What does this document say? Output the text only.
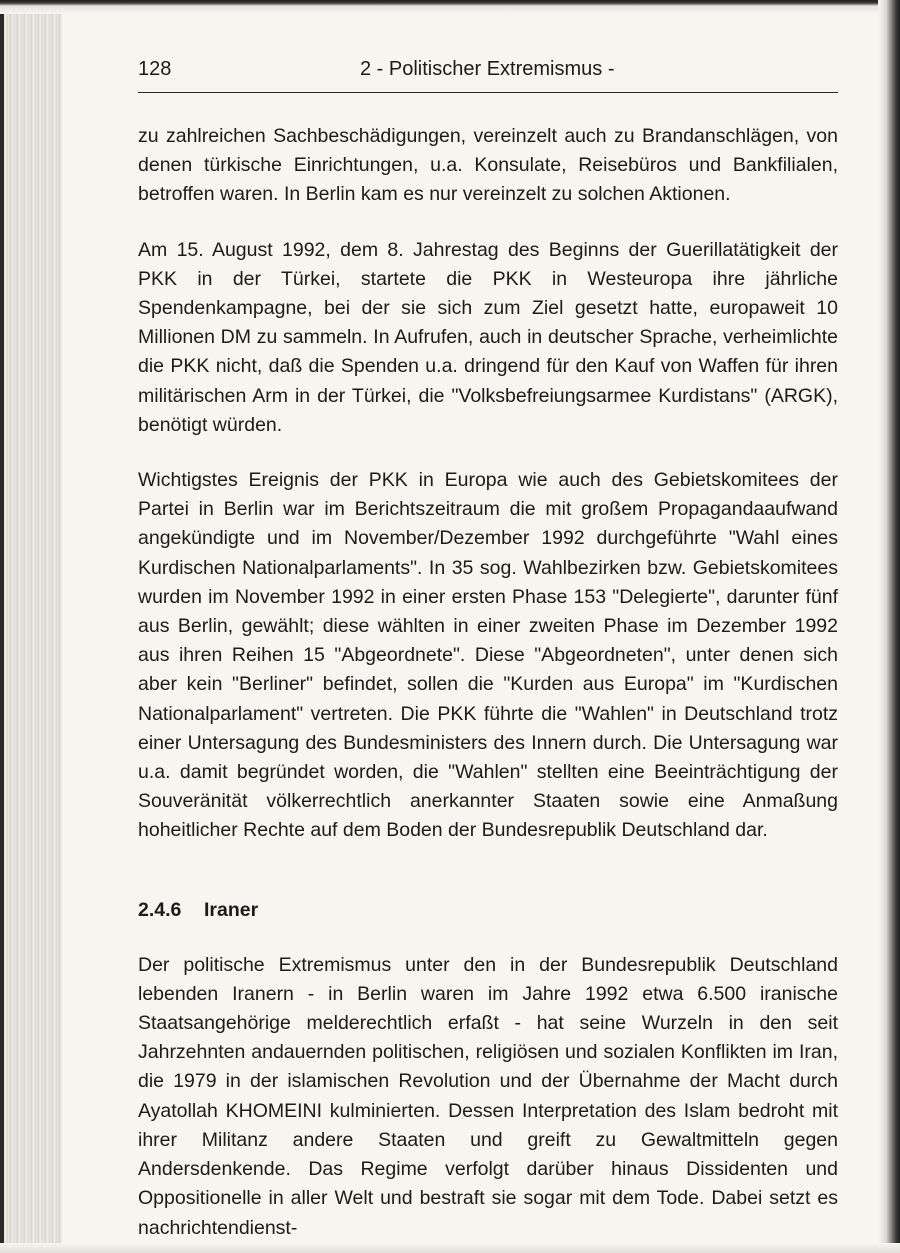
128	2 - Politischer Extremismus -

zu zahlreichen Sachbeschädigungen, vereinzelt auch zu Brandanschlägen, von denen türkische Einrichtungen, u.a. Konsulate, Reisebüros und Bankfilialen, betroffen waren. In Berlin kam es nur vereinzelt zu solchen Aktionen.

Am 15. August 1992, dem 8. Jahrestag des Beginns der Guerillatätigkeit der PKK in der Türkei, startete die PKK in Westeuropa ihre jährliche Spendenkampagne, bei der sie sich zum Ziel gesetzt hatte, europaweit 10 Millionen DM zu sammeln. In Aufrufen, auch in deutscher Sprache, verheimlichte die PKK nicht, daß die Spenden u.a. dringend für den Kauf von Waffen für ihren militärischen Arm in der Türkei, die "Volksbefreiungsarmee Kurdistans" (ARGK), benötigt würden.

Wichtigstes Ereignis der PKK in Europa wie auch des Gebietskomitees der Partei in Berlin war im Berichtszeitraum die mit großem Propagandaaufwand angekündigte und im November/Dezember 1992 durchgeführte "Wahl eines Kurdischen Nationalparlaments". In 35 sog. Wahlbezirken bzw. Gebietskomitees wurden im November 1992 in einer ersten Phase 153 "Delegierte", darunter fünf aus Berlin, gewählt; diese wählten in einer zweiten Phase im Dezember 1992 aus ihren Reihen 15 "Abgeordnete". Diese "Abgeordneten", unter denen sich aber kein "Berliner" befindet, sollen die "Kurden aus Europa" im "Kurdischen Nationalparlament" vertreten. Die PKK führte die "Wahlen" in Deutschland trotz einer Untersagung des Bundesministers des Innern durch. Die Untersagung war u.a. damit begründet worden, die "Wahlen" stellten eine Beeinträchtigung der Souveränität völkerrechtlich anerkannter Staaten sowie eine Anmaßung hoheitlicher Rechte auf dem Boden der Bundesrepublik Deutschland dar.

2.4.6	Iraner

Der politische Extremismus unter den in der Bundesrepublik Deutschland lebenden Iranern - in Berlin waren im Jahre 1992 etwa 6.500 iranische Staatsangehörige melderechtlich erfaßt - hat seine Wurzeln in den seit Jahrzehnten andauernden politischen, religiösen und sozialen Konflikten im Iran, die 1979 in der islamischen Revolution und der Übernahme der Macht durch Ayatollah KHOMEINI kulminierten. Dessen Interpretation des Islam bedroht mit ihrer Militanz andere Staaten und greift zu Gewaltmitteln gegen Andersdenkende. Das Regime verfolgt darüber hinaus Dissidenten und Oppositionelle in aller Welt und bestraft sie sogar mit dem Tode. Dabei setzt es nachrichtendienst-
